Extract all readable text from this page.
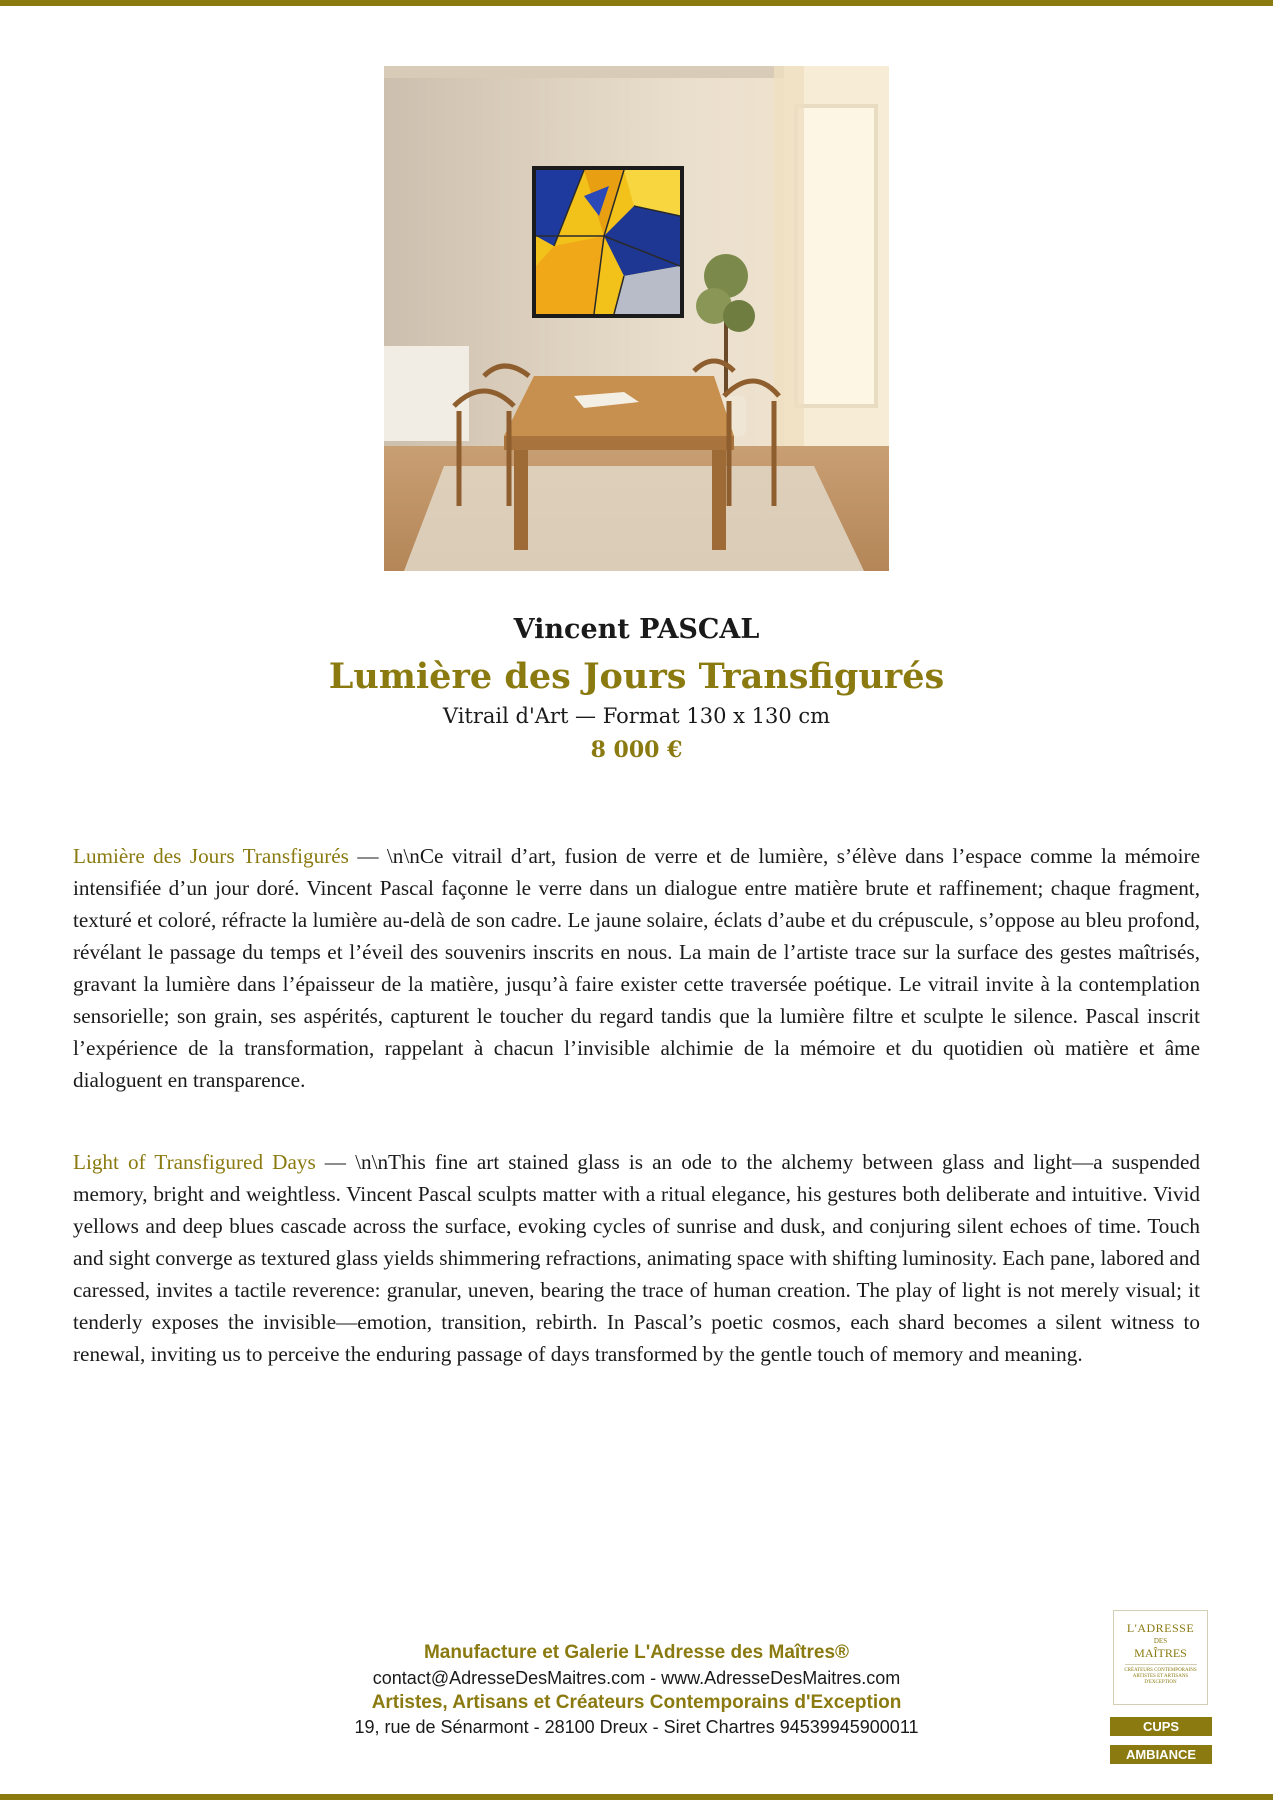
Vincent PASCAL
Lumière des Jours Transfigurés
Vitrail d'Art — Format 130 x 130 cm
8 000 €

Lumière des Jours Transfigurés — \n\nCe vitrail d’art, fusion de verre et de lumière, s’élève dans l’espace comme la mémoire intensifiée d’un jour doré. Vincent Pascal façonne le verre dans un dialogue entre matière brute et raffinement; chaque fragment, texturé et coloré, réfracte la lumière au-delà de son cadre. Le jaune solaire, éclats d’aube et du crépuscule, s’oppose au bleu profond, révélant le passage du temps et l’éveil des souvenirs inscrits en nous. La main de l’artiste trace sur la surface des gestes maîtrisés, gravant la lumière dans l’épaisseur de la matière, jusqu’à faire exister cette traversée poétique. Le vitrail invite à la contemplation sensorielle; son grain, ses aspérités, capturent le toucher du regard tandis que la lumière filtre et sculpte le silence. Pascal inscrit l’expérience de la transformation, rappelant à chacun l’invisible alchimie de la mémoire et du quotidien où matière et âme dialoguent en transparence.

Light of Transfigured Days — \n\nThis fine art stained glass is an ode to the alchemy between glass and light—a suspended memory, bright and weightless. Vincent Pascal sculpts matter with a ritual elegance, his gestures both deliberate and intuitive. Vivid yellows and deep blues cascade across the surface, evoking cycles of sunrise and dusk, and conjuring silent echoes of time. Touch and sight converge as textured glass yields shimmering refractions, animating space with shifting luminosity. Each pane, labored and caressed, invites a tactile reverence: granular, uneven, bearing the trace of human creation. The play of light is not merely visual; it tenderly exposes the invisible—emotion, transition, rebirth. In Pascal’s poetic cosmos, each shard becomes a silent witness to renewal, inviting us to perceive the enduring passage of days transformed by the gentle touch of memory and meaning.

Manufacture et Galerie L'Adresse des Maîtres®
contact@AdresseDesMaitres.com - www.AdresseDesMaitres.com
Artistes, Artisans et Créateurs Contemporains d'Exception
19, rue de Sénarmont - 28100 Dreux - Siret Chartres 94539945900011
L'ADRESSE
DES
MAÎTRES
CRÉATEURS CONTEMPORAINS ARTISTES ET ARTISANS D'EXCEPTION
CUPS
AMBIANCE
